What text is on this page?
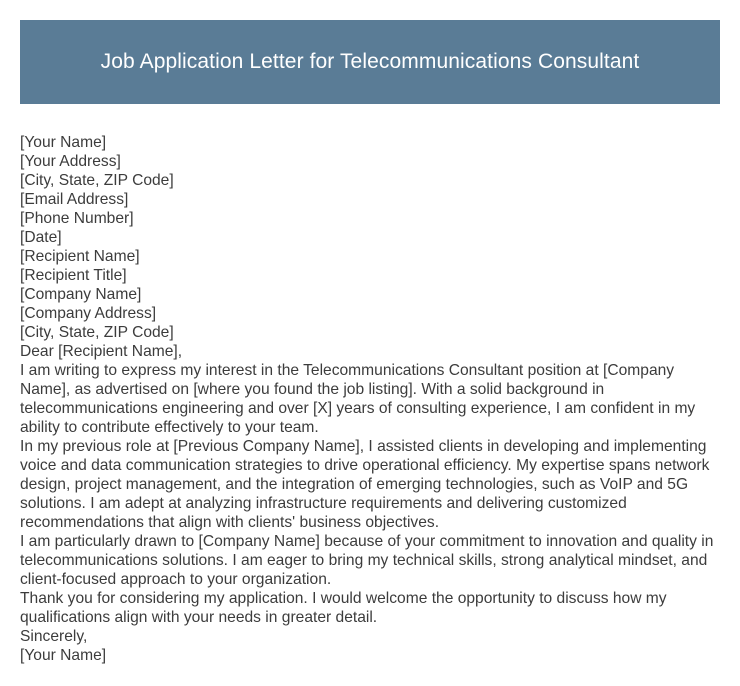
Job Application Letter for Telecommunications Consultant
[Your Name]
[Your Address]
[City, State, ZIP Code]
[Email Address]
[Phone Number]
[Date]
[Recipient Name]
[Recipient Title]
[Company Name]
[Company Address]
[City, State, ZIP Code]
Dear [Recipient Name],

I am writing to express my interest in the Telecommunications Consultant position at [Company Name], as advertised on [where you found the job listing]. With a solid background in telecommunications engineering and over [X] years of consulting experience, I am confident in my ability to contribute effectively to your team.

In my previous role at [Previous Company Name], I assisted clients in developing and implementing voice and data communication strategies to drive operational efficiency. My expertise spans network design, project management, and the integration of emerging technologies, such as VoIP and 5G solutions. I am adept at analyzing infrastructure requirements and delivering customized recommendations that align with clients' business objectives.

I am particularly drawn to [Company Name] because of your commitment to innovation and quality in telecommunications solutions. I am eager to bring my technical skills, strong analytical mindset, and client-focused approach to your organization.

Thank you for considering my application. I would welcome the opportunity to discuss how my qualifications align with your needs in greater detail.

Sincerely,
[Your Name]
